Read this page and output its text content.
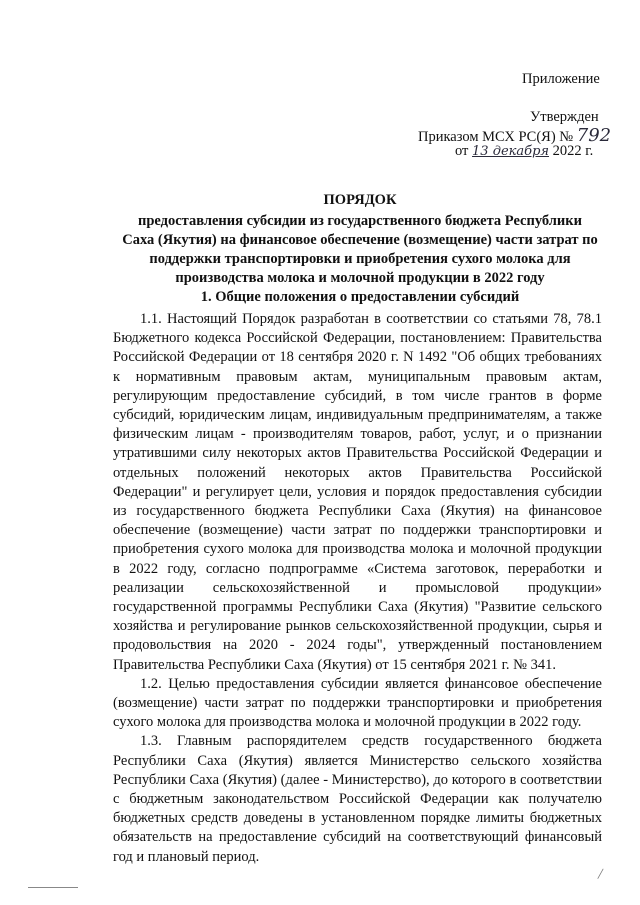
Приложение
Утвержден
Приказом МСХ РС(Я) № 792
от 13 декабря 2022 г.
ПОРЯДОК
предоставления субсидии из государственного бюджета Республики
Саха (Якутия) на финансовое обеспечение (возмещение) части затрат по
поддержки транспортировки и приобретения сухого молока для
производства молока и молочной продукции в 2022 году
1. Общие положения о предоставлении субсидий

1.1. Настоящий Порядок разработан в соответствии со статьями 78, 78.1 Бюджетного кодекса Российской Федерации, постановлением: Правительства Российской Федерации от 18 сентября 2020 г. N 1492 "Об общих требованиях к нормативным правовым актам, муниципальным правовым актам, регулирующим предоставление субсидий, в том числе грантов в форме субсидий, юридическим лицам, индивидуальным предпринимателям, а также физическим лицам - производителям товаров, работ, услуг, и о признании утратившими силу некоторых актов Правительства Российской Федерации и отдельных положений некоторых актов Правительства Российской Федерации" и регулирует цели, условия и порядок предоставления субсидии из государственного бюджета Республики Саха (Якутия) на финансовое обеспечение (возмещение) части затрат по поддержки транспортировки и приобретения сухого молока для производства молока и молочной продукции в 2022 году, согласно подпрограмме «Система заготовок, переработки и реализации сельскохозяйственной и промысловой продукции» государственной программы Республики Саха (Якутия) "Развитие сельского хозяйства и регулирование рынков сельскохозяйственной продукции, сырья и продовольствия на 2020 - 2024 годы", утвержденный постановлением Правительства Республики Саха (Якутия) от 15 сентября 2021 г. № 341.

1.2. Целью предоставления субсидии является финансовое обеспечение (возмещение) части затрат по поддержки транспортировки и приобретения сухого молока для производства молока и молочной продукции в 2022 году.

1.3. Главным распорядителем средств государственного бюджета Республики Саха (Якутия) является Министерство сельского хозяйства Республики Саха (Якутия) (далее - Министерство), до которого в соответствии с бюджетным законодательством Российской Федерации как получателю бюджетных средств доведены в установленном порядке лимиты бюджетных обязательств на предоставление субсидий на соответствующий финансовый год и плановый период.

/
